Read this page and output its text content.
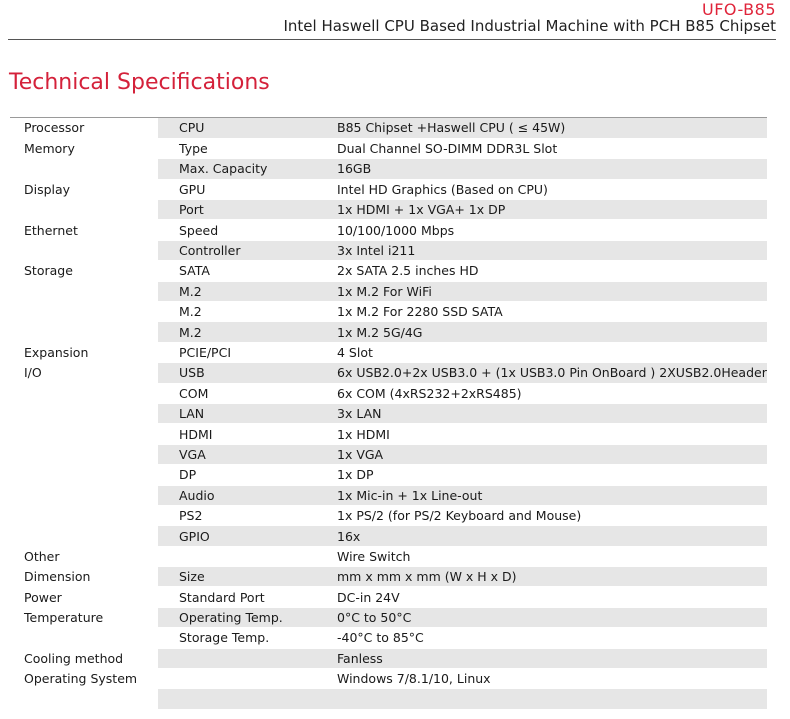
UFO-B85
Intel Haswell CPU Based Industrial Machine with PCH B85 Chipset
Technical Specifications
Processor	CPU	B85 Chipset +Haswell CPU ( ≤ 45W)
Memory	Type	Dual Channel SO-DIMM DDR3L Slot
	Max. Capacity	16GB
Display	GPU	Intel HD Graphics (Based on CPU)
	Port	1x HDMI + 1x VGA+ 1x DP
Ethernet	Speed	10/100/1000 Mbps
	Controller	3x Intel i211
Storage	SATA	2x SATA 2.5 inches HD
	M.2	1x M.2 For WiFi
	M.2	1x M.2 For 2280 SSD SATA
	M.2	1x M.2 5G/4G
Expansion	PCIE/PCI	4 Slot
I/O	USB	6x USB2.0+2x USB3.0 + (1x USB3.0 Pin OnBoard ) 2XUSB2.0Header
	COM	6x COM (4xRS232+2xRS485)
	LAN	3x LAN
	HDMI	1x HDMI
	VGA	1x VGA
	DP	1x DP
	Audio	1x Mic-in + 1x Line-out
	PS2	1x PS/2 (for PS/2 Keyboard and Mouse)
	GPIO	16x
Other		Wire Switch
Dimension	Size	mm x mm x mm (W x H x D)
Power	Standard Port	DC-in 24V
Temperature	Operating Temp.	0°C to 50°C
	Storage Temp.	-40°C to 85°C
Cooling method		Fanless
Operating System		Windows 7/8.1/10, Linux
